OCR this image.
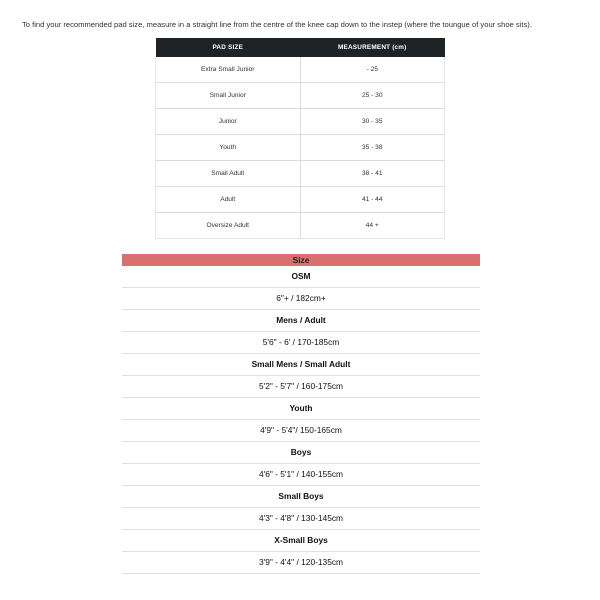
To find your recommended pad size, measure in a straight line from the centre of the knee cap down to the instep (where the toungue of your shoe sits).
PAD SIZE	MEASUREMENT (cm)
Extra Small Junior	- 25
Small Junior	25 - 30
Junior	30 - 35
Youth	35 - 38
Small Adult	38 - 41
Adult	41 - 44
Oversize Adult	44 +
Size
OSM
6"+ / 182cm+
Mens / Adult
5'6" - 6' / 170-185cm
Small Mens / Small Adult
5'2" - 5'7" / 160-175cm
Youth
4'9" - 5'4"/ 150-165cm
Boys
4'6" - 5'1" / 140-155cm
Small Boys
4'3" - 4'8" / 130-145cm
X-Small Boys
3'9" - 4'4" / 120-135cm
